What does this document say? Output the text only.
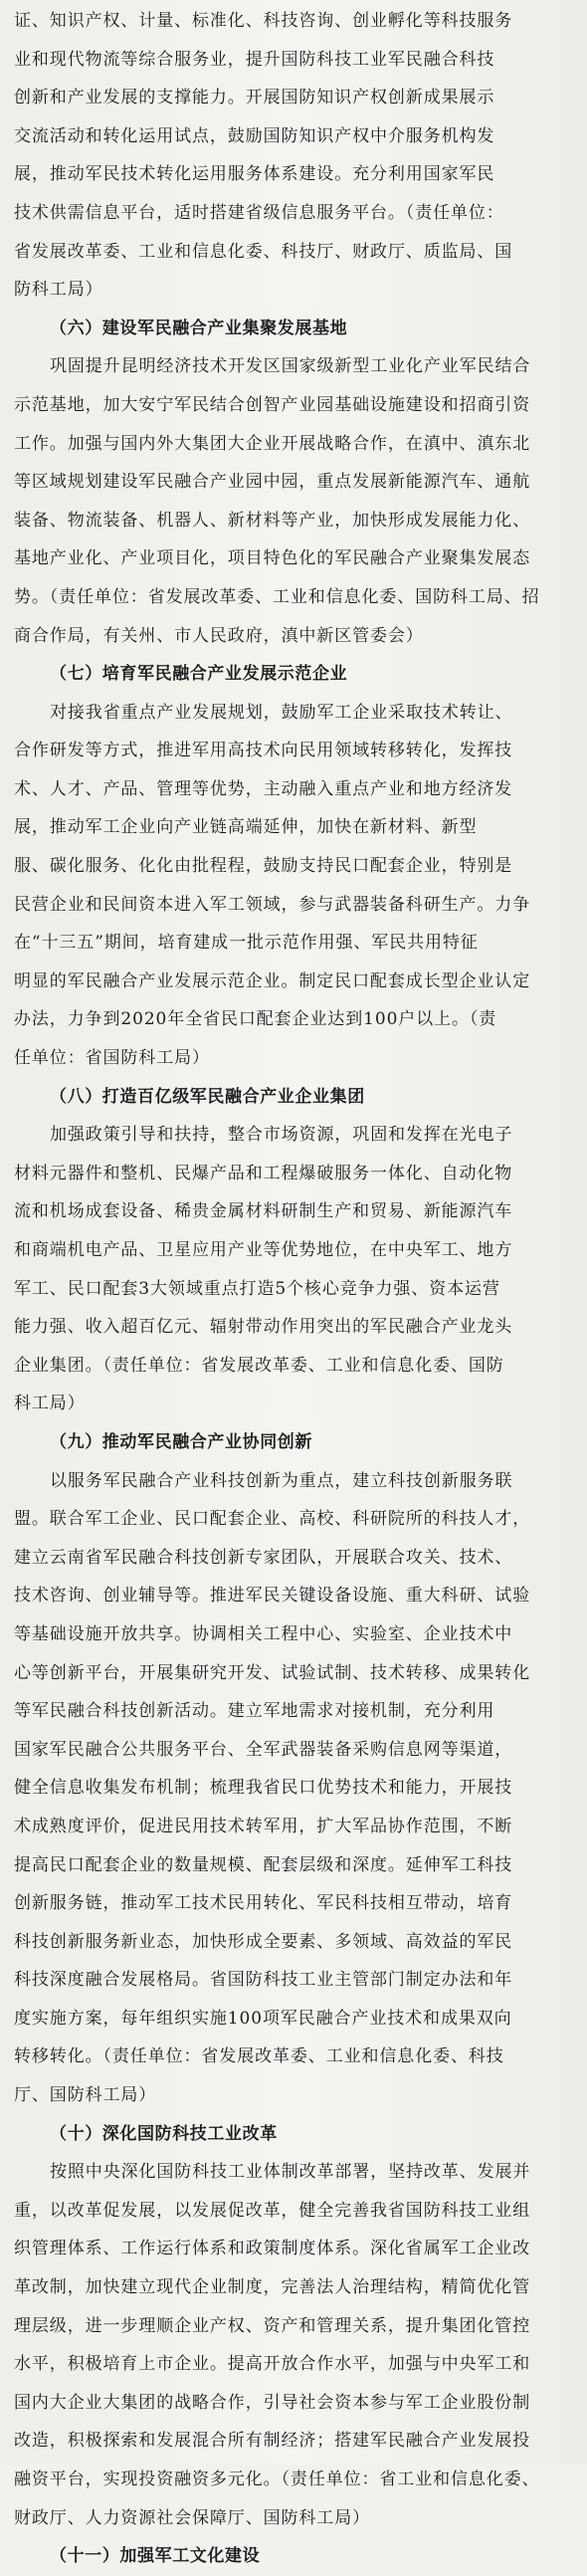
证、知识产权、计量、标准化、科技咨询、创业孵化等科技服务
业和现代物流等综合服务业，提升国防科技工业军民融合科技
创新和产业发展的支撑能力。开展国防知识产权创新成果展示
交流活动和转化运用试点，鼓励国防知识产权中介服务机构发
展，推动军民技术转化运用服务体系建设。充分利用国家军民
技术供需信息平台，适时搭建省级信息服务平台。（责任单位：
省发展改革委、工业和信息化委、科技厅、财政厅、质监局、国
防科工局）
（六）建设军民融合产业集聚发展基地
巩固提升昆明经济技术开发区国家级新型工业化产业军民结合
示范基地，加大安宁军民结合创智产业园基础设施建设和招商引资
工作。加强与国内外大集团大企业开展战略合作，在滇中、滇东北
等区域规划建设军民融合产业园中园，重点发展新能源汽车、通航
装备、物流装备、机器人、新材料等产业，加快形成发展能力化、
基地产业化、产业项目化，项目特色化的军民融合产业聚集发展态
势。（责任单位：省发展改革委、工业和信息化委、国防科工局、招
商合作局，有关州、市人民政府，滇中新区管委会）
（七）培育军民融合产业发展示范企业
对接我省重点产业发展规划，鼓励军工企业采取技术转让、
合作研发等方式，推进军用高技术向民用领域转移转化，发挥技
术、人才、产品、管理等优势，主动融入重点产业和地方经济发
展，推动军工企业向产业链高端延伸，加快在新材料、新型
服、碳化服务、化化由批程程，鼓励支持民口配套企业，特别是
民营企业和民间资本进入军工领域，参与武器装备科研生产。力争
在“十三五”期间，培育建成一批示范作用强、军民共用特征
明显的军民融合产业发展示范企业。制定民口配套成长型企业认定
办法，力争到2020年全省民口配套企业达到100户以上。（责
任单位：省国防科工局）
（八）打造百亿级军民融合产业企业集团
加强政策引导和扶持，整合市场资源，巩固和发挥在光电子
材料元器件和整机、民爆产品和工程爆破服务一体化、自动化物
流和机场成套设备、稀贵金属材料研制生产和贸易、新能源汽车
和商端机电产品、卫星应用产业等优势地位，在中央军工、地方
军工、民口配套3大领域重点打造5个核心竞争力强、资本运营
能力强、收入超百亿元、辐射带动作用突出的军民融合产业龙头
企业集团。（责任单位：省发展改革委、工业和信息化委、国防
科工局）
（九）推动军民融合产业协同创新
以服务军民融合产业科技创新为重点，建立科技创新服务联
盟。联合军工企业、民口配套企业、高校、科研院所的科技人才，
建立云南省军民融合科技创新专家团队，开展联合攻关、技术、
技术咨询、创业辅导等。推进军民关键设备设施、重大科研、试验
等基础设施开放共享。协调相关工程中心、实验室、企业技术中
心等创新平台，开展集研究开发、试验试制、技术转移、成果转化
等军民融合科技创新活动。建立军地需求对接机制，充分利用
国家军民融合公共服务平台、全军武器装备采购信息网等渠道，
健全信息收集发布机制；梳理我省民口优势技术和能力，开展技
术成熟度评价，促进民用技术转军用，扩大军品协作范围，不断
提高民口配套企业的数量规模、配套层级和深度。延伸军工科技
创新服务链，推动军工技术民用转化、军民科技相互带动，培育
科技创新服务新业态，加快形成全要素、多领域、高效益的军民
科技深度融合发展格局。省国防科技工业主管部门制定办法和年
度实施方案，每年组织实施100项军民融合产业技术和成果双向
转移转化。（责任单位：省发展改革委、工业和信息化委、科技
厅、国防科工局）
（十）深化国防科技工业改革
按照中央深化国防科技工业体制改革部署，坚持改革、发展并
重，以改革促发展，以发展促改革，健全完善我省国防科技工业组
织管理体系、工作运行体系和政策制度体系。深化省属军工企业改
革改制，加快建立现代企业制度，完善法人治理结构，精简优化管
理层级，进一步理顺企业产权、资产和管理关系，提升集团化管控
水平，积极培育上市企业。提高开放合作水平，加强与中央军工和
国内大企业大集团的战略合作，引导社会资本参与军工企业股份制
改造，积极探索和发展混合所有制经济；搭建军民融合产业发展投
融资平台，实现投资融资多元化。（责任单位：省工业和信息化委、
财政厅、人力资源社会保障厅、国防科工局）
（十一）加强军工文化建设
